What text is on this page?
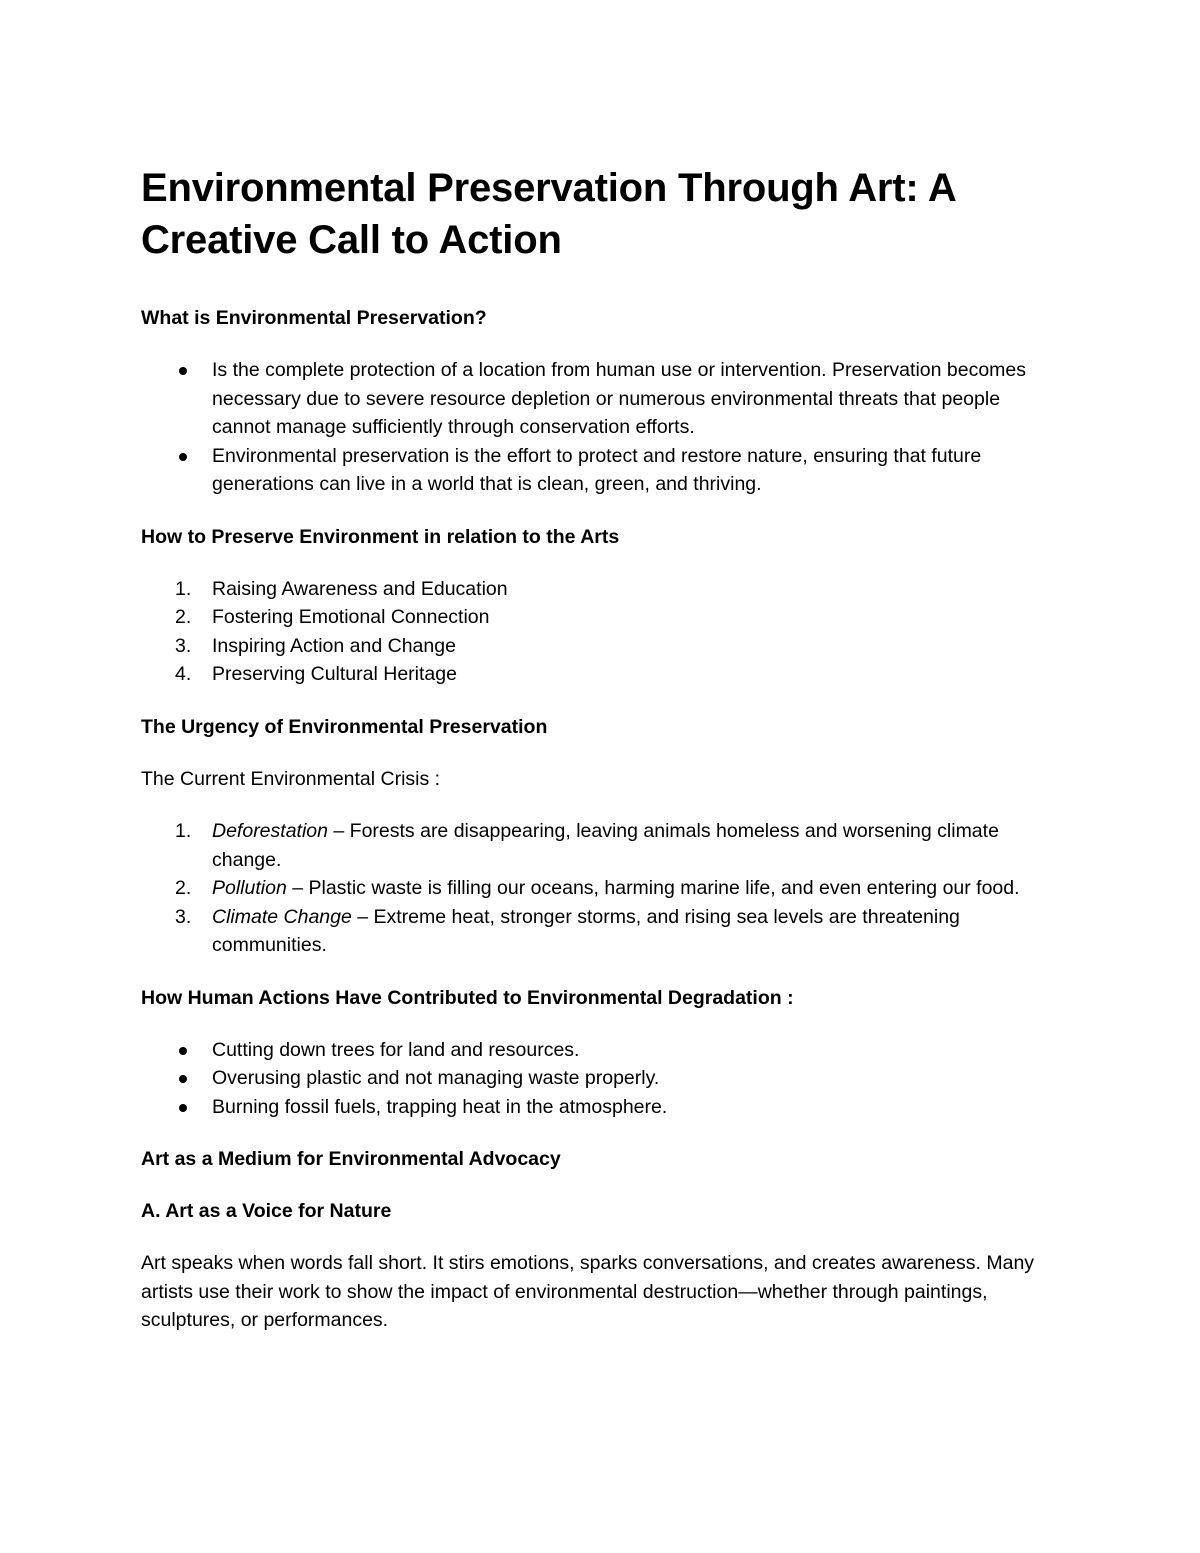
Environmental Preservation Through Art: A Creative Call to Action
What is Environmental Preservation?
Is the complete protection of a location from human use or intervention. Preservation becomes necessary due to severe resource depletion or numerous environmental threats that people cannot manage sufficiently through conservation efforts.
Environmental preservation is the effort to protect and restore nature, ensuring that future generations can live in a world that is clean, green, and thriving.
How to Preserve Environment in relation to the Arts
1.	Raising Awareness and Education
2.	Fostering Emotional Connection
3.	Inspiring Action and Change
4.	Preserving Cultural Heritage
The Urgency of Environmental Preservation

The Current Environmental Crisis :

1.	Deforestation – Forests are disappearing, leaving animals homeless and worsening climate change.
2.	Pollution – Plastic waste is filling our oceans, harming marine life, and even entering our food.
3.	Climate Change – Extreme heat, stronger storms, and rising sea levels are threatening communities.
How Human Actions Have Contributed to Environmental Degradation :
Cutting down trees for land and resources.
Overusing plastic and not managing waste properly.
Burning fossil fuels, trapping heat in the atmosphere.
Art as a Medium for Environmental Advocacy
A. Art as a Voice for Nature

Art speaks when words fall short. It stirs emotions, sparks conversations, and creates awareness. Many artists use their work to show the impact of environmental destruction—whether through paintings, sculptures, or performances.
